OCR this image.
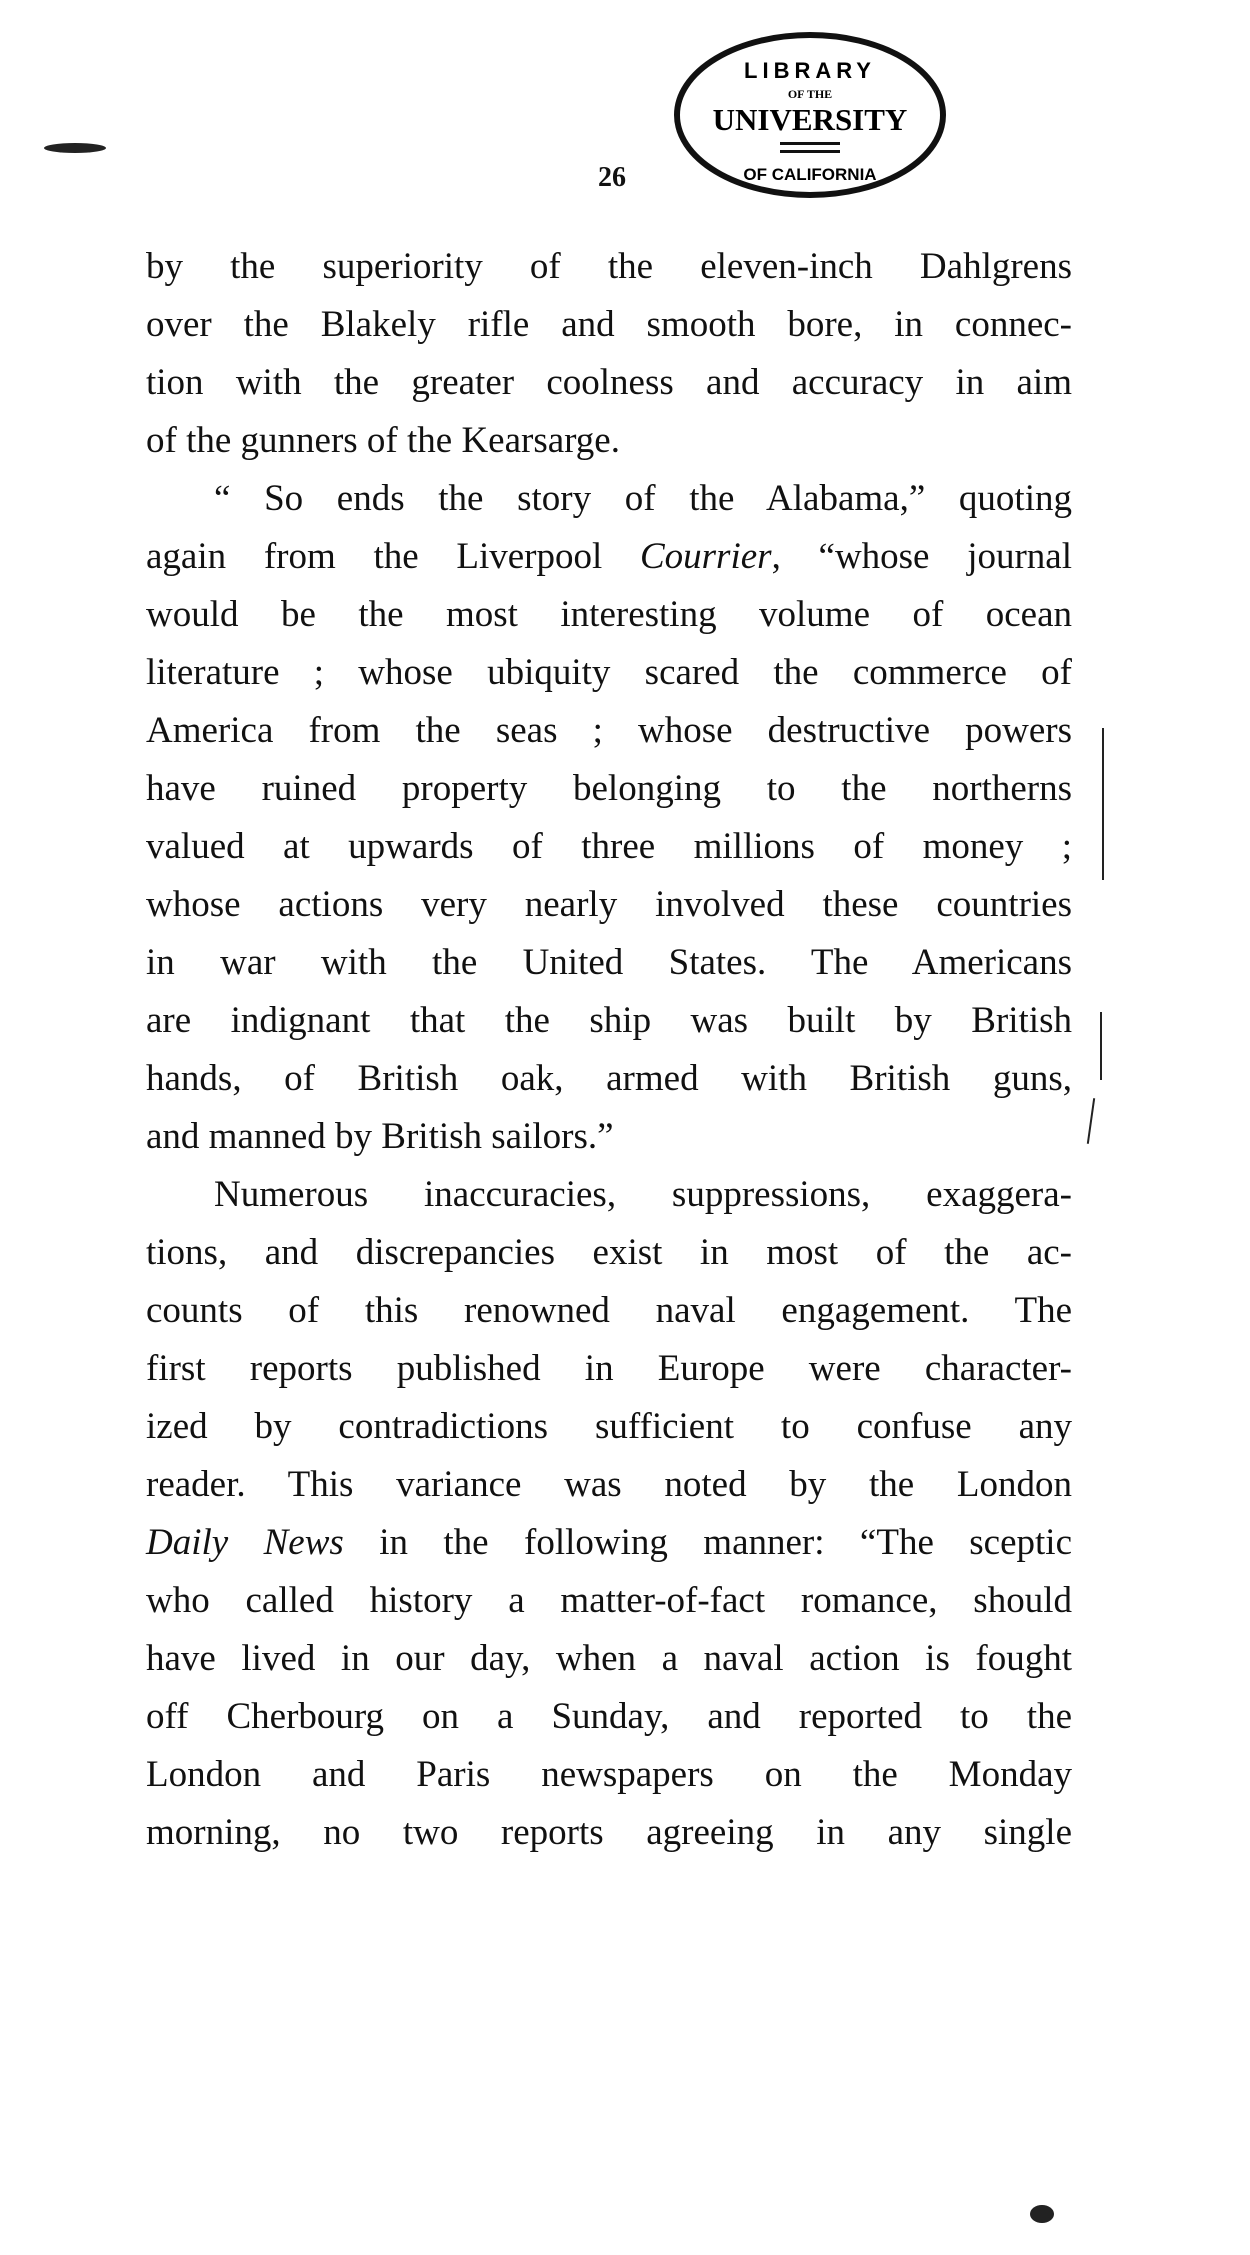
26
LIBRARY
OF THE
UNIVERSITY
OF CALIFORNIA
by the superiority of the eleven-inch Dahlgrens
over the Blakely rifle and smooth bore, in connec-
tion with the greater coolness and accuracy in aim
of the gunners of the Kearsarge.
“ So ends the story of the Alabama,” quoting
again from the Liverpool Courrier, “whose journal
would be the most interesting volume of ocean
literature ; whose ubiquity scared the commerce of
America from the seas ; whose destructive powers
have ruined property belonging to the northerns
valued at upwards of three millions of money ;
whose actions very nearly involved these countries
in war with the United States. The Americans
are indignant that the ship was built by British
hands, of British oak, armed with British guns,
and manned by British sailors.”
Numerous inaccuracies, suppressions, exaggera-
tions, and discrepancies exist in most of the ac-
counts of this renowned naval engagement. The
first reports published in Europe were character-
ized by contradictions sufficient to confuse any
reader. This variance was noted by the London
Daily News in the following manner: “The sceptic
who called history a matter-of-fact romance, should
have lived in our day, when a naval action is fought
off Cherbourg on a Sunday, and reported to the
London and Paris newspapers on the Monday
morning, no two reports agreeing in any single
